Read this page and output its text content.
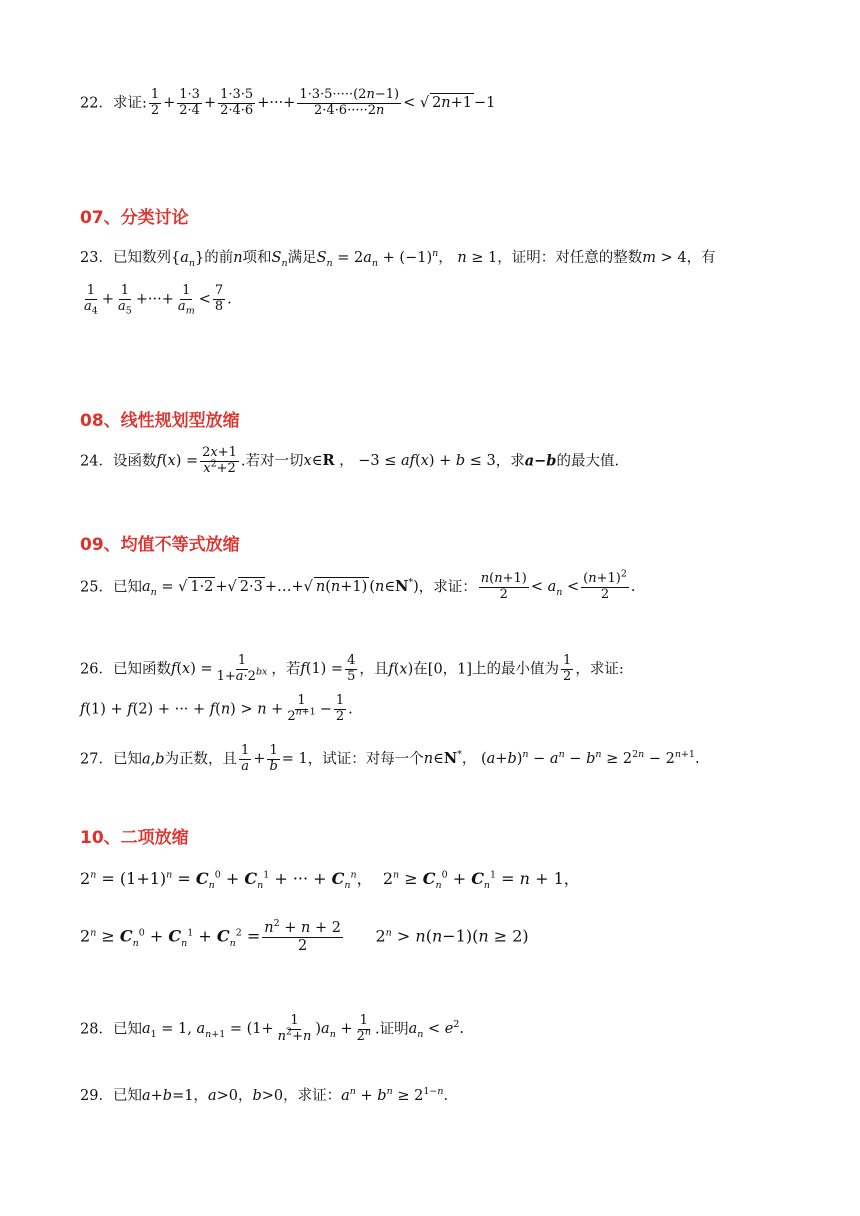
22．求证: $\frac{1}{2} + \frac{1\cdot 3}{2\cdot 4} + \frac{1\cdot 3\cdot 5}{2\cdot 4\cdot 6}$ +···+ $\frac{1\cdot 3\cdot 5\cdot\cdot\cdot\cdot\cdot(2n-1)}{2\cdot 4\cdot 6\cdot\cdot\cdot\cdot\cdot 2n}$ < √ 2n+1 −1
07、分类讨论
23．已知数列$\{a_n\}$的前n项和$S_n$满足$S_n = 2a_n + (-1)^n$， n ≥ 1，证明：对任意的整数m > 4，有
$\frac{1}{a_4} + \frac{1}{a_5}$ +···+ $\frac{1}{a_m} < \frac{7}{8}$ .
08、线性规划型放缩
24．设函数$f(x) = \frac{2x+1}{x^2+2}$ .若对一切x∈R ， −3 ≤ af(x) + b ≤ 3，求a−b的最大值.
09、均值不等式放缩
25．已知$a_n$ = √ 1·2 +√ 2·3 +…+√ n(n+1) (n∈N*)，求证： $\frac{n(n+1)}{2} < a_n < \frac{(n+1)^2}{2}$ .
26．已知函数$f(x) = \frac{1}{1+a\cdot 2^{bx}}$ ，若$f(1) = \frac{4}{5}$ ，且f(x)在[0，1]上的最小值为 $\frac{1}{2}$ ，求证:
f(1) + f(2) + ··· + $f(n) > n + \frac{1}{2^{n+1}} - \frac{1}{2}$ .
27．已知a,b为正数，且 $\frac{1}{a} + \frac{1}{b} = 1$，试证：对每一个n∈N*， $(a+b)^n - a^n - b^n \ge 2^{2n} - 2^{n+1}$.
10、二项放缩
$2^n = (1+1)^n = C_n^0 + C_n^1$ + ··· + $C_n^n$，  $2^n \ge C_n^0 + C_n^1 = n + 1$，
$2^n \ge C_n^0 + C_n^1 + C_n^2 = \frac{n^2 + n + 2}{2} 2^n > n(n-1)(n \ge 2)$
28．已知$a_1 = 1$, $a_{n+1} = (1+ \frac{1}{n^2+n} )a_n + \frac{1}{2^n}$ .证明$a_n < e^2$.
29．已知a+b=1，a>0，b>0，求证：$a^n + b^n \ge 2^{1-n}$.
